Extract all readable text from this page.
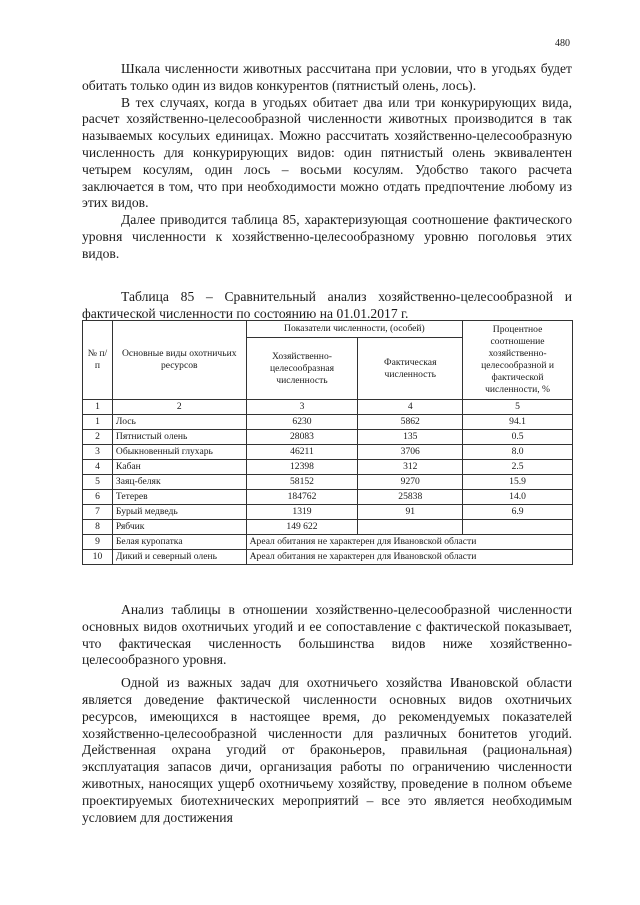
480

Шкала численности животных рассчитана при условии, что в угодьях будет обитать только один из видов конкурентов (пятнистый олень, лось).

В тех случаях, когда в угодьях обитает два или три конкурирующих вида, расчет хозяйственно-целесообразной численности животных производится в так называемых косульих единицах. Можно рассчитать хозяйственно-целесообразную численность для конкурирующих видов: один пятнистый олень эквивалентен четырем косулям, один лось – восьми косулям. Удобство такого расчета заключается в том, что при необходимости можно отдать предпочтение любому из этих видов.

Далее приводится таблица 85, характеризующая соотношение фактического уровня численности к хозяйственно-целесообразному уровню поголовья этих видов.

Таблица 85 – Сравнительный анализ хозяйственно-целесообразной и фактической численности по состоянию на 01.01.2017 г.
№ п/п	Основные виды охотничьих ресурсов	Показатели численности, (особей)		Процентное соотношение хозяйственно-целесообразной и фактической численности, %
		Хозяйственно-целесообразная численность	Фактическая численность	
1	2	3	4	5
1	Лось	6230	5862	94.1
2	Пятнистый олень	28083	135	0.5
3	Обыкновенный глухарь	46211	3706	8.0
4	Кабан	12398	312	2.5
5	Заяц-беляк	58152	9270	15.9
6	Тетерев	184762	25838	14.0
7	Бурый медведь	1319	91	6.9
8	Рябчик	149 622		
9	Белая куропатка	Ареал обитания не характерен для Ивановской области		
10	Дикий и северный олень	Ареал обитания не характерен для Ивановской области		

Анализ таблицы в отношении хозяйственно-целесообразной численности основных видов охотничьих угодий и ее сопоставление с фактической показывает, что фактическая численность большинства видов ниже хозяйственно-целесообразного уровня.

Одной из важных задач для охотничьего хозяйства Ивановской области является доведение фактической численности основных видов охотничьих ресурсов, имеющихся в настоящее время, до рекомендуемых показателей хозяйственно-целесообразной численности для различных бонитетов угодий. Действенная охрана угодий от браконьеров, правильная (рациональная) эксплуатация запасов дичи, организация работы по ограничению численности животных, наносящих ущерб охотничьему хозяйству, проведение в полном объеме проектируемых биотехнических мероприятий – все это является необходимым условием для достижения
